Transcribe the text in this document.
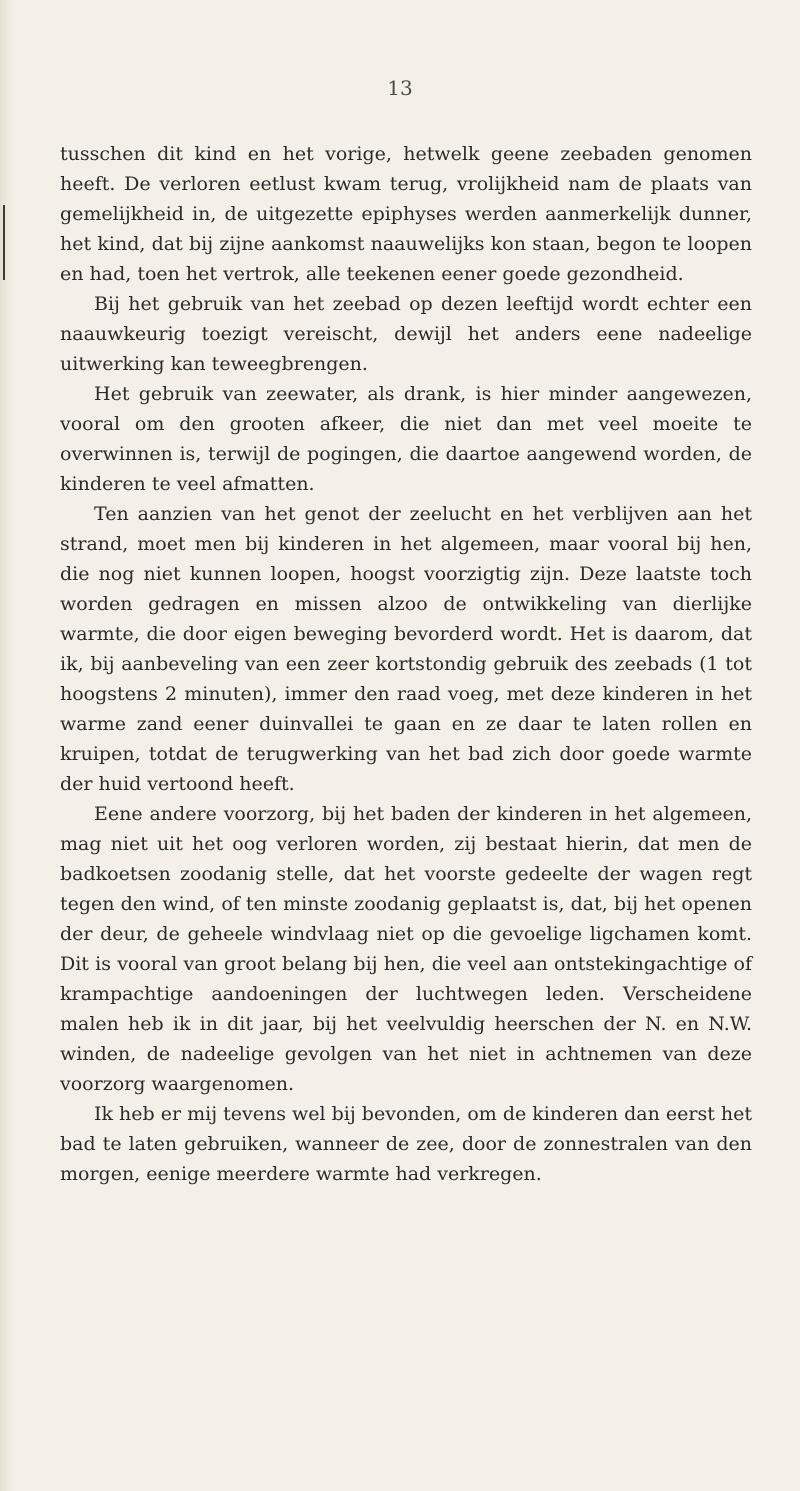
13

tusschen dit kind en het vorige, hetwelk geene zeebaden genomen heeft. De verloren eetlust kwam terug, vrolijkheid nam de plaats van gemelijkheid in, de uitgezette epiphyses werden aanmerkelijk dunner, het kind, dat bij zijne aankomst naauwelijks kon staan, begon te loopen en had, toen het vertrok, alle teekenen eener goede gezondheid.

Bij het gebruik van het zeebad op dezen leeftijd wordt echter een naauwkeurig toezigt vereischt, dewijl het anders eene nadeelige uitwerking kan teweegbrengen.

Het gebruik van zeewater, als drank, is hier minder aangewezen, vooral om den grooten afkeer, die niet dan met veel moeite te overwinnen is, terwijl de pogingen, die daartoe aangewend worden, de kinderen te veel afmatten.

Ten aanzien van het genot der zeelucht en het verblijven aan het strand, moet men bij kinderen in het algemeen, maar vooral bij hen, die nog niet kunnen loopen, hoogst voorzigtig zijn. Deze laatste toch worden gedragen en missen alzoo de ontwikkeling van dierlijke warmte, die door eigen beweging bevorderd wordt. Het is daarom, dat ik, bij aanbeveling van een zeer kortstondig gebruik des zeebads (1 tot hoogstens 2 minuten), immer den raad voeg, met deze kinderen in het warme zand eener duinvallei te gaan en ze daar te laten rollen en kruipen, totdat de terugwerking van het bad zich door goede warmte der huid vertoond heeft.

Eene andere voorzorg, bij het baden der kinderen in het algemeen, mag niet uit het oog verloren worden, zij bestaat hierin, dat men de badkoetsen zoodanig stelle, dat het voorste gedeelte der wagen regt tegen den wind, of ten minste zoodanig geplaatst is, dat, bij het openen der deur, de geheele windvlaag niet op die gevoelige ligchamen komt. Dit is vooral van groot belang bij hen, die veel aan ontstekingachtige of krampachtige aandoeningen der luchtwegen leden. Verscheidene malen heb ik in dit jaar, bij het veelvuldig heerschen der N. en N.W. winden, de nadeelige gevolgen van het niet in achtnemen van deze voorzorg waargenomen.

Ik heb er mij tevens wel bij bevonden, om de kinderen dan eerst het bad te laten gebruiken, wanneer de zee, door de zonnestralen van den morgen, eenige meerdere warmte had verkregen.
